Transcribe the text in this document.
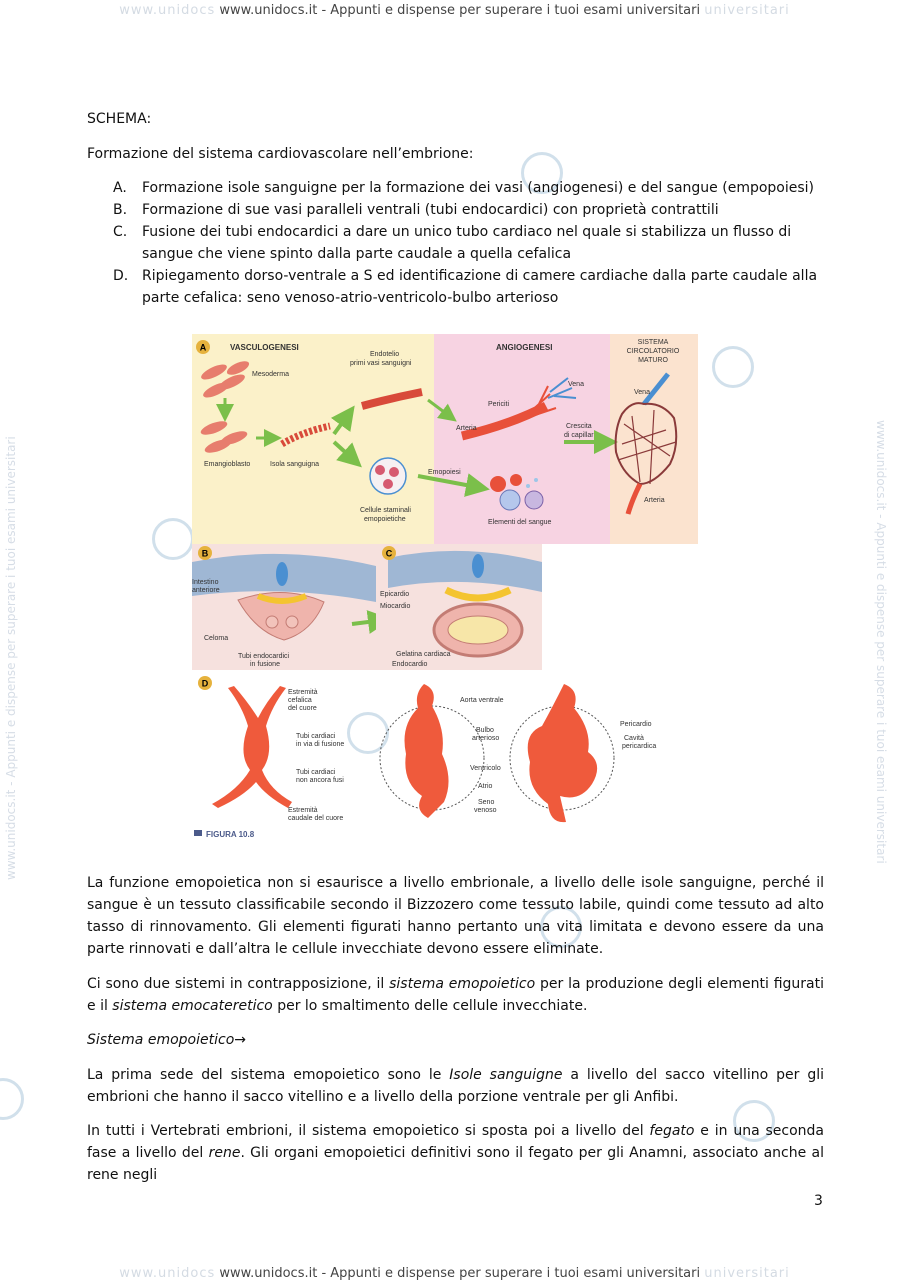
www.unidocs www.unidocs.it - Appunti e dispense per superare i tuoi esami universitari universitari
www.unidocs.it - Appunti e dispense per superare i tuoi esami universitari	www.unidocs.it - Appunti e dispense per superare i tuoi esami universitari
SCHEMA:
Formazione del sistema cardiovascolare nell’embrione:
A. Formazione isole sanguigne per la formazione dei vasi (angiogenesi) e del sangue (empopoiesi)
B. Formazione di sue vasi paralleli ventrali (tubi endocardici) con proprietà contrattili
C. Fusione dei tubi endocardici a dare un unico tubo cardiaco nel quale si stabilizza un flusso di sangue che viene spinto dalla parte caudale a quella cefalica
D. Ripiegamento dorso-ventrale a S ed identificazione di camere cardiache dalla parte caudale alla parte cefalica: seno venoso-atrio-ventricolo-bulbo arterioso
A	VASCULOGENESI	ANGIOGENESI
SISTEMA
CIRCOLATORIO
MATURO
Mesoderma
Emangioblasto	Isola sanguigna
Endotelio
primi vasi sanguigni
Cellule staminali
emopoietiche
Emopoiesi
Elementi del sangue
Arteria
Periciti
Vena
Crescita
di capillari
Vena
Arteria
B
Intestino
anteriore
Celoma
Tubi endocardici
in fusione
C
Epicardio
Miocardio
Gelatina cardiaca
Endocardio
D
Estremità
cefalica
del cuore
Tubi cardiaci
in via di fusione
Tubi cardiaci
non ancora fusi
Estremità
caudale del cuore
Aorta ventrale
Bulbo
arterioso
Ventricolo
Atrio
Seno
venoso
Pericardio
Cavità
pericardica
FIGURA 10.8
La funzione emopoietica non si esaurisce a livello embrionale, a livello delle isole sanguigne, perché il sangue è un tessuto classificabile secondo il Bizzozero come tessuto labile, quindi come tessuto ad alto tasso di rinnovamento. Gli elementi figurati hanno pertanto una vita limitata e devono essere da una parte rinnovati e dall’altra le cellule invecchiate devono essere eliminate.
Ci sono due sistemi in contrapposizione, il sistema emopoietico per la produzione degli elementi figurati e il sistema emocateretico per lo smaltimento delle cellule invecchiate.
Sistema emopoietico→
La prima sede del sistema emopoietico sono le Isole sanguigne a livello del sacco vitellino per gli embrioni che hanno il sacco vitellino e a livello della porzione ventrale per gli Anfibi.
In tutti i Vertebrati embrioni, il sistema emopoietico si sposta poi a livello del fegato e in una seconda fase a livello del rene. Gli organi emopoietici definitivi sono il fegato per gli Anamni, associato anche al rene negli
3
www.unidocs www.unidocs.it - Appunti e dispense per superare i tuoi esami universitari universitari
